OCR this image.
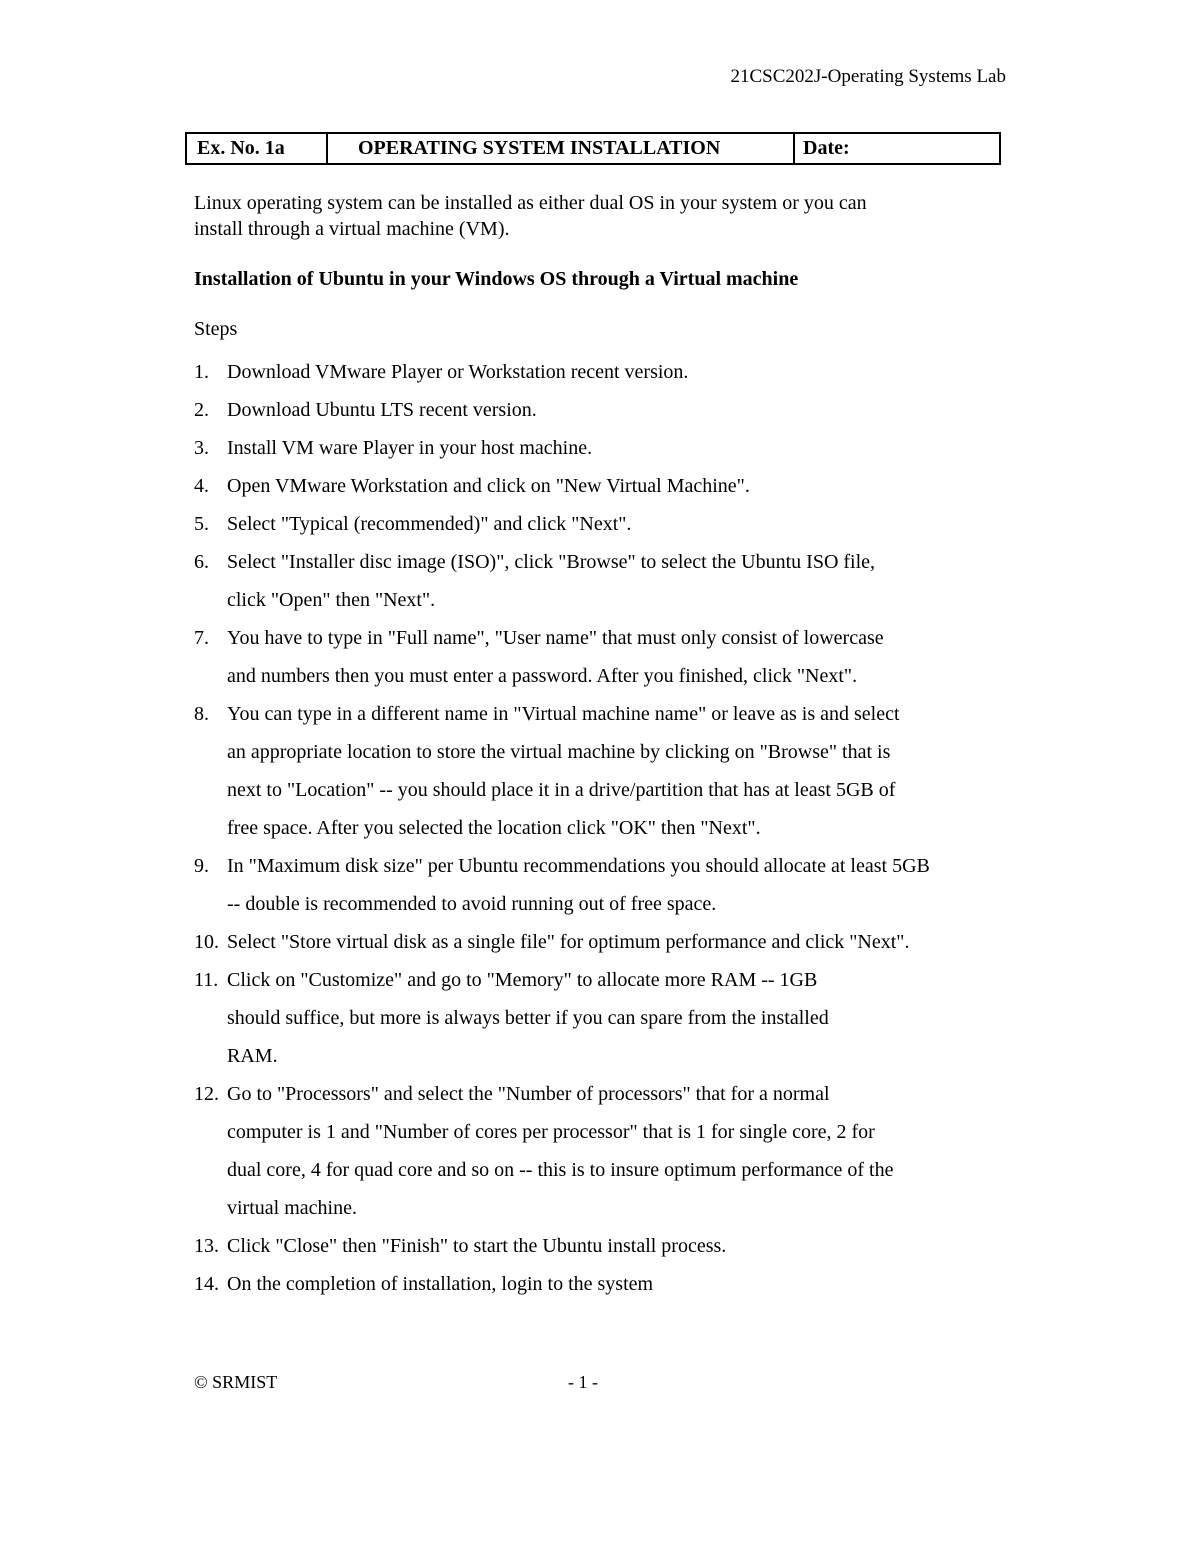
21CSC202J-Operating Systems Lab
Ex. No. 1a	OPERATING SYSTEM INSTALLATION	Date:
Linux operating system can be installed as either dual OS in your system or you can
install through a virtual machine (VM).
Installation of Ubuntu in your Windows OS through a Virtual machine
Steps
1. Download VMware Player or Workstation recent version.
2. Download Ubuntu LTS recent version.
3. Install VM ware Player in your host machine.
4. Open VMware Workstation and click on "New Virtual Machine".
5. Select "Typical (recommended)" and click "Next".
6. Select "Installer disc image (ISO)", click "Browse" to select the Ubuntu ISO file,
click "Open" then "Next".
7. You have to type in "Full name", "User name" that must only consist of lowercase
and numbers then you must enter a password. After you finished, click "Next".
8. You can type in a different name in "Virtual machine name" or leave as is and select
an appropriate location to store the virtual machine by clicking on "Browse" that is
next to "Location" -- you should place it in a drive/partition that has at least 5GB of
free space. After you selected the location click "OK" then "Next".
9. In "Maximum disk size" per Ubuntu recommendations you should allocate at least 5GB
-- double is recommended to avoid running out of free space.
10. Select "Store virtual disk as a single file" for optimum performance and click "Next".
11. Click on "Customize" and go to "Memory" to allocate more RAM -- 1GB
should suffice, but more is always better if you can spare from the installed
RAM.
12. Go to "Processors" and select the "Number of processors" that for a normal
computer is 1 and "Number of cores per processor" that is 1 for single core, 2 for
dual core, 4 for quad core and so on -- this is to insure optimum performance of the
virtual machine.
13. Click "Close" then "Finish" to start the Ubuntu install process.
14. On the completion of installation, login to the system
© SRMIST	- 1 -
